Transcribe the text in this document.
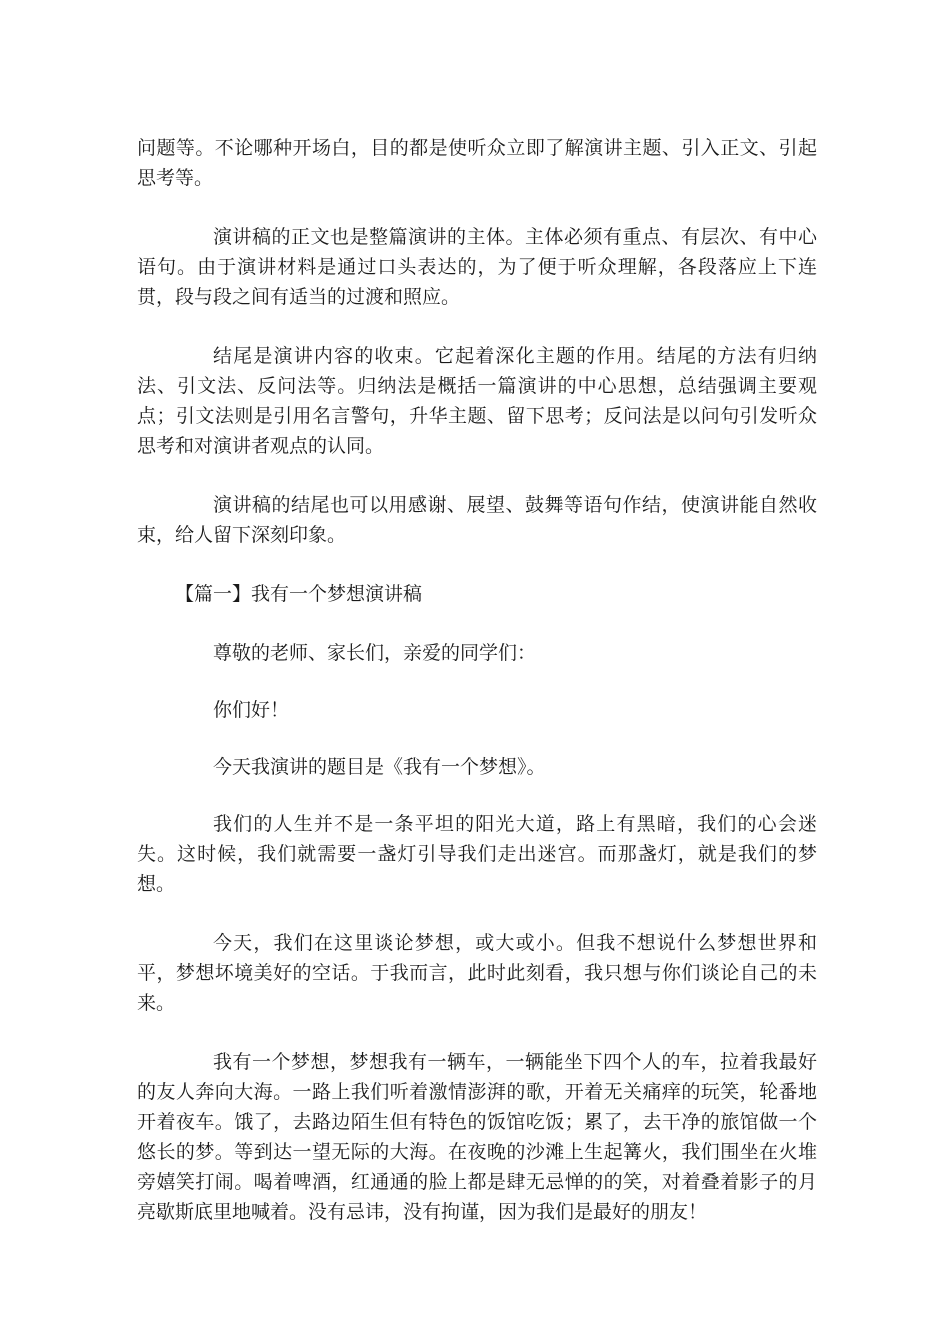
问题等。不论哪种开场白，目的都是使听众立即了解演讲主题、引入正文、引起思考等。

演讲稿的正文也是整篇演讲的主体。主体必须有重点、有层次、有中心语句。由于演讲材料是通过口头表达的，为了便于听众理解，各段落应上下连贯，段与段之间有适当的过渡和照应。

结尾是演讲内容的收束。它起着深化主题的作用。结尾的方法有归纳法、引文法、反问法等。归纳法是概括一篇演讲的中心思想，总结强调主要观点；引文法则是引用名言警句，升华主题、留下思考；反问法是以问句引发听众思考和对演讲者观点的认同。

演讲稿的结尾也可以用感谢、展望、鼓舞等语句作结，使演讲能自然收束，给人留下深刻印象。

【篇一】我有一个梦想演讲稿

尊敬的老师、家长们，亲爱的同学们：

你们好！

今天我演讲的题目是《我有一个梦想》。

我们的人生并不是一条平坦的阳光大道，路上有黑暗，我们的心会迷失。这时候，我们就需要一盏灯引导我们走出迷宫。而那盏灯，就是我们的梦想。

今天，我们在这里谈论梦想，或大或小。但我不想说什么梦想世界和平，梦想坏境美好的空话。于我而言，此时此刻看，我只想与你们谈论自己的未来。

我有一个梦想，梦想我有一辆车，一辆能坐下四个人的车，拉着我最好的友人奔向大海。一路上我们听着激情澎湃的歌，开着无关痛痒的玩笑，轮番地开着夜车。饿了，去路边陌生但有特色的饭馆吃饭；累了，去干净的旅馆做一个悠长的梦。等到达一望无际的大海。在夜晚的沙滩上生起篝火，我们围坐在火堆旁嬉笑打闹。喝着啤酒，红通通的脸上都是肆无忌惮的的笑，对着叠着影子的月亮歇斯底里地喊着。没有忌讳，没有拘谨，因为我们是最好的朋友！
